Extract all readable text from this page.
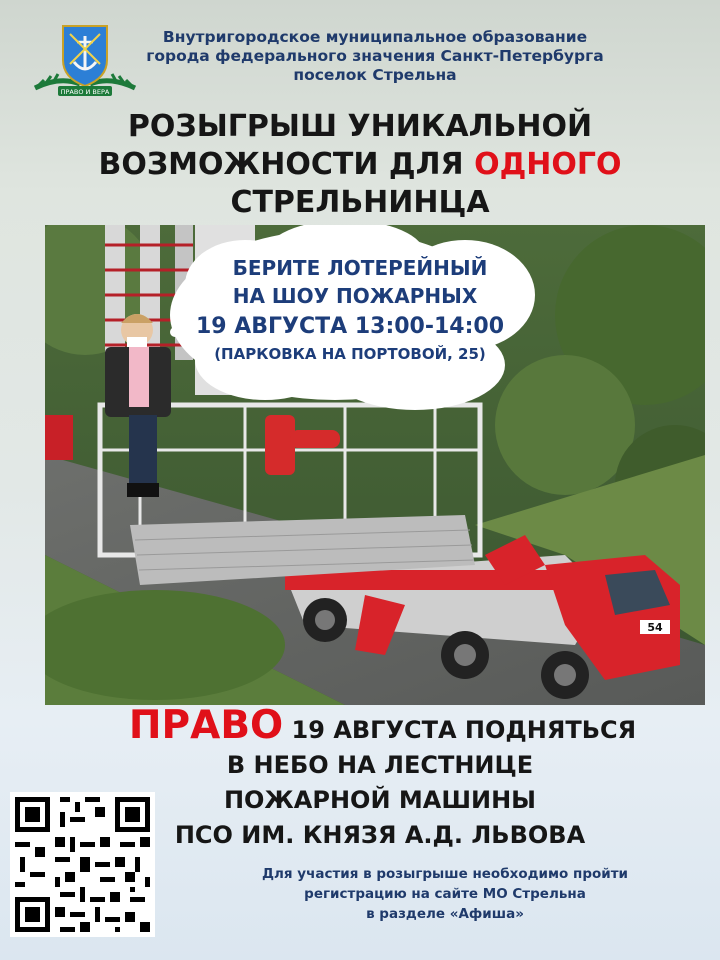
ПРАВО И ВЕРА
Внутригородское муниципальное образование
города федерального значения Санкт-Петербурга
поселок Стрельна
РОЗЫГРЫШ УНИКАЛЬНОЙ
ВОЗМОЖНОСТИ ДЛЯ ОДНОГО
СТРЕЛЬНИНЦА
54
БЕРИТЕ ЛОТЕРЕЙНЫЙ
НА ШОУ ПОЖАРНЫХ
19 АВГУСТА 13:00-14:00
(ПАРКОВКА НА ПОРТОВОЙ, 25)
ПРАВО 19 АВГУСТА ПОДНЯТЬСЯ
В НЕБО НА ЛЕСТНИЦЕ
ПОЖАРНОЙ МАШИНЫ
ПСО ИМ. КНЯЗЯ А.Д. ЛЬВОВА
Для участия в розыгрыше необходимо пройти
регистрацию на сайте МО Стрельна
в разделе «Афиша»
